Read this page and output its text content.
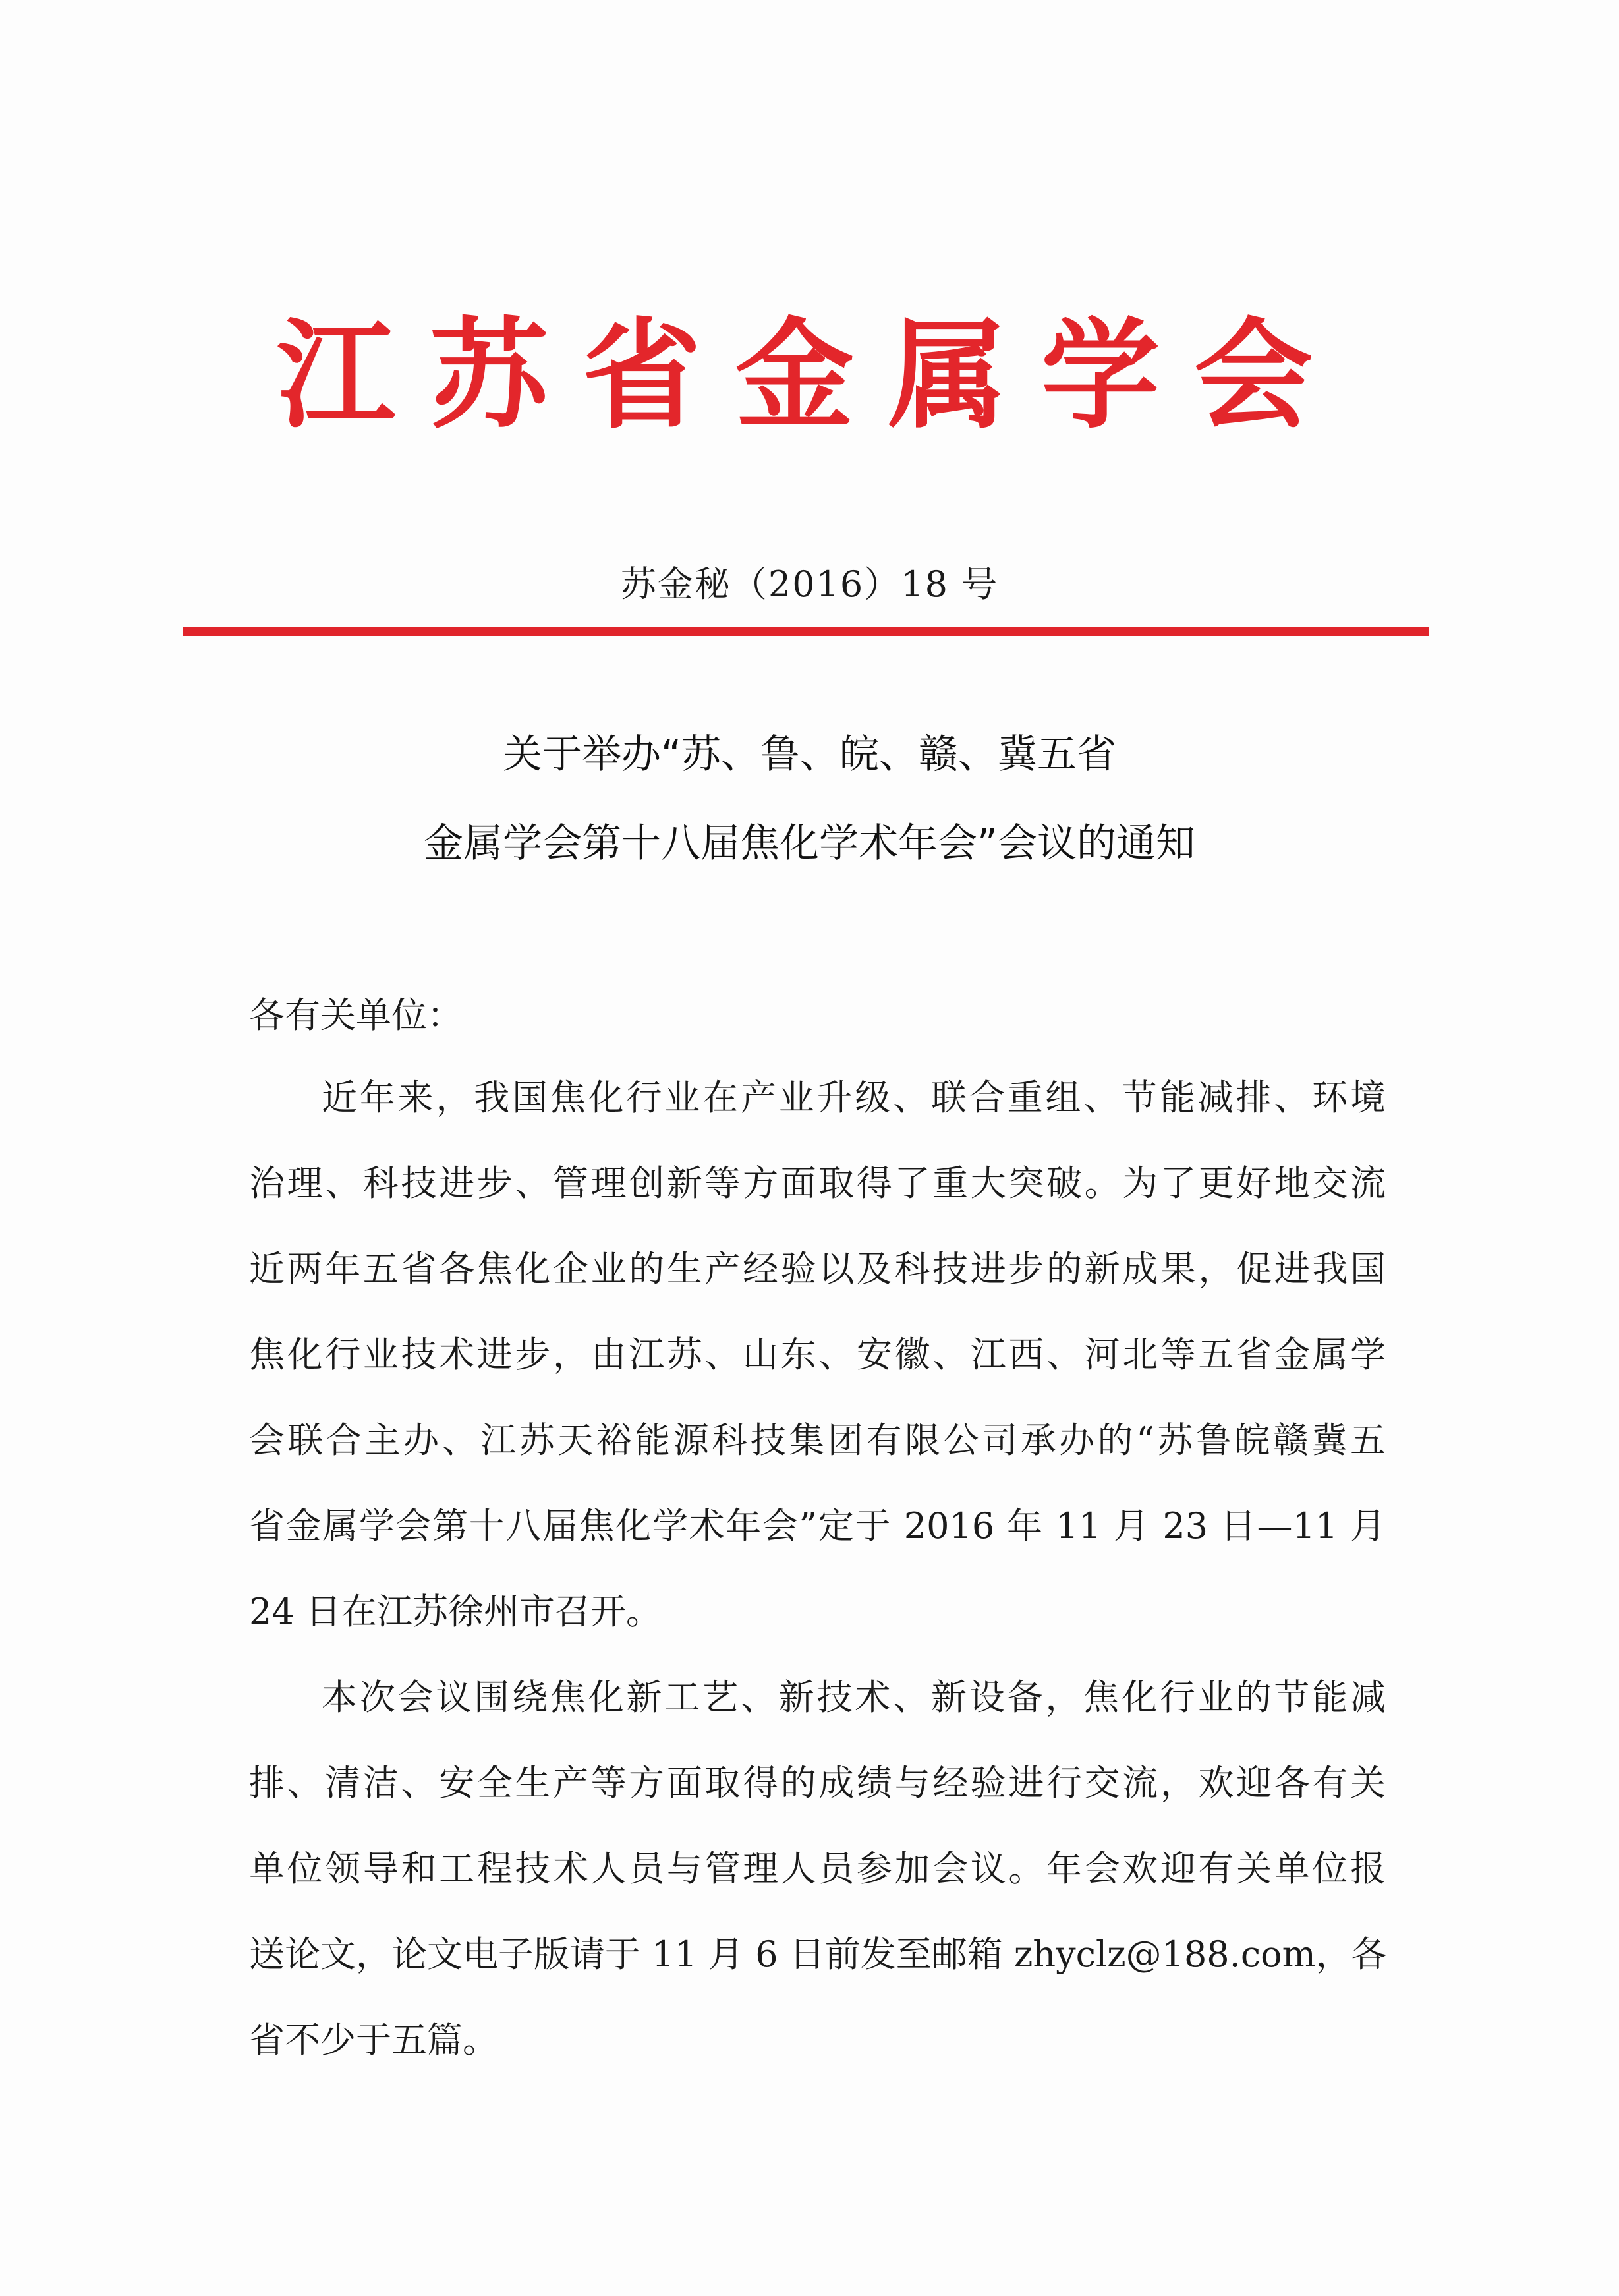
江苏省金属学会
苏金秘（2016）18 号
关于举办“苏、鲁、皖、赣、冀五省
金属学会第十八届焦化学术年会”会议的通知
各有关单位：
近年来，我国焦化行业在产业升级、联合重组、节能减排、环境
治理、科技进步、管理创新等方面取得了重大突破。为了更好地交流
近两年五省各焦化企业的生产经验以及科技进步的新成果，促进我国
焦化行业技术进步，由江苏、山东、安徽、江西、河北等五省金属学
会联合主办、江苏天裕能源科技集团有限公司承办的“苏鲁皖赣冀五
省金属学会第十八届焦化学术年会”定于 2016 年 11 月 23 日—11 月
24 日在江苏徐州市召开。
本次会议围绕焦化新工艺、新技术、新设备，焦化行业的节能减
排、清洁、安全生产等方面取得的成绩与经验进行交流，欢迎各有关
单位领导和工程技术人员与管理人员参加会议。年会欢迎有关单位报
送论文，论文电子版请于 11 月 6 日前发至邮箱 zhyclz@188.com，各
省不少于五篇。
